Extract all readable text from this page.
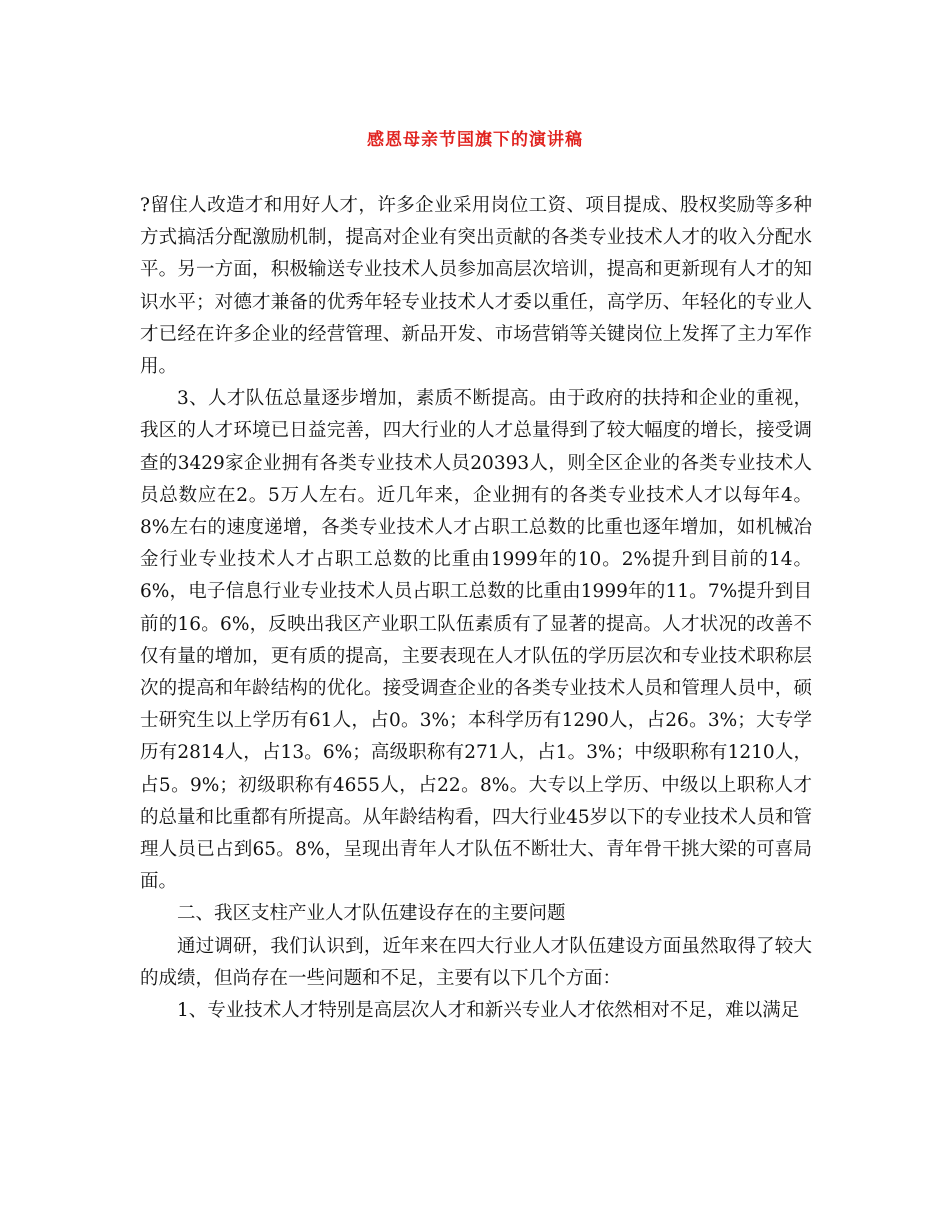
感恩母亲节国旗下的演讲稿

?留住人改造才和用好人才，许多企业采用岗位工资、项目提成、股权奖励等多种方式搞活分配激励机制，提高对企业有突出贡献的各类专业技术人才的收入分配水平。另一方面，积极输送专业技术人员参加高层次培训，提高和更新现有人才的知识水平；对德才兼备的优秀年轻专业技术人才委以重任，高学历、年轻化的专业人才已经在许多企业的经营管理、新品开发、市场营销等关键岗位上发挥了主力军作用。

3、人才队伍总量逐步增加，素质不断提高。由于政府的扶持和企业的重视，我区的人才环境已日益完善，四大行业的人才总量得到了较大幅度的增长，接受调查的3429家企业拥有各类专业技术人员20393人，则全区企业的各类专业技术人员总数应在2。5万人左右。近几年来，企业拥有的各类专业技术人才以每年4。8%左右的速度递增，各类专业技术人才占职工总数的比重也逐年增加，如机械冶金行业专业技术人才占职工总数的比重由1999年的10。2%提升到目前的14。6%，电子信息行业专业技术人员占职工总数的比重由1999年的11。7%提升到目前的16。6%，反映出我区产业职工队伍素质有了显著的提高。人才状况的改善不仅有量的增加，更有质的提高，主要表现在人才队伍的学历层次和专业技术职称层次的提高和年龄结构的优化。接受调查企业的各类专业技术人员和管理人员中，硕士研究生以上学历有61人，占0。3%；本科学历有1290人，占26。3%；大专学历有2814人，占13。6%；高级职称有271人，占1。3%；中级职称有1210人，占5。9%；初级职称有4655人，占22。8%。大专以上学历、中级以上职称人才的总量和比重都有所提高。从年龄结构看，四大行业45岁以下的专业技术人员和管理人员已占到65。8%，呈现出青年人才队伍不断壮大、青年骨干挑大梁的可喜局面。

二、我区支柱产业人才队伍建设存在的主要问题

通过调研，我们认识到，近年来在四大行业人才队伍建设方面虽然取得了较大的成绩，但尚存在一些问题和不足，主要有以下几个方面：

1、专业技术人才特别是高层次人才和新兴专业人才依然相对不足，难以满足
